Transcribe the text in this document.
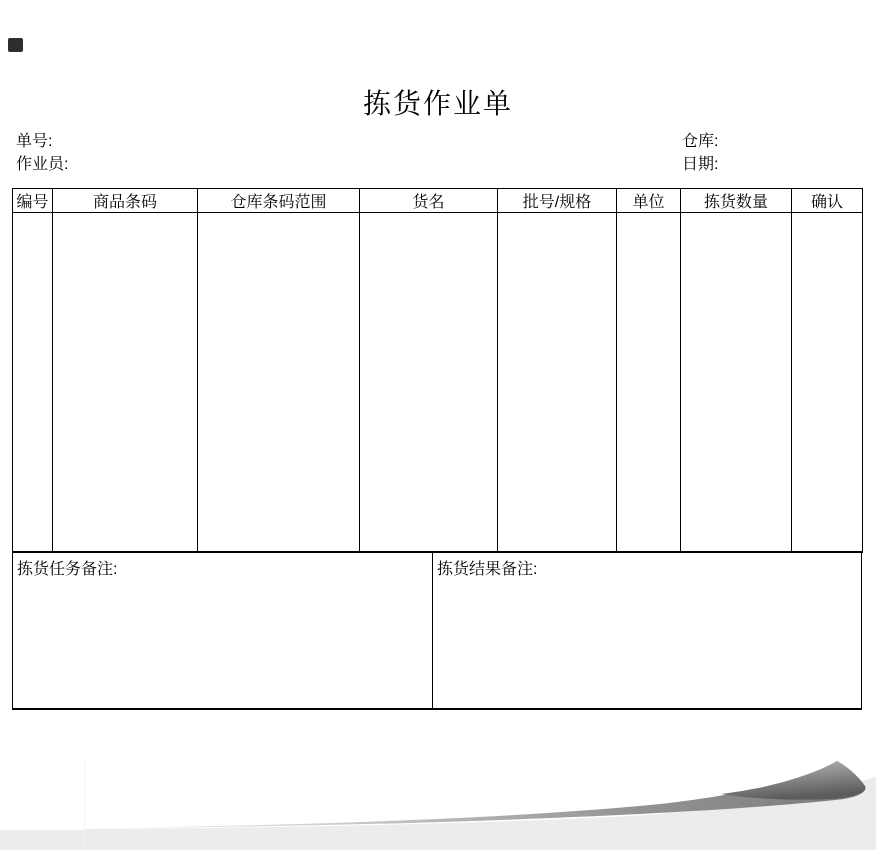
拣货作业单
单号:
作业员:
仓库:
日期:
编号	商品条码	仓库条码范围	货名	批号/规格	单位	拣货数量	确认

拣货任务备注:	拣货结果备注:
